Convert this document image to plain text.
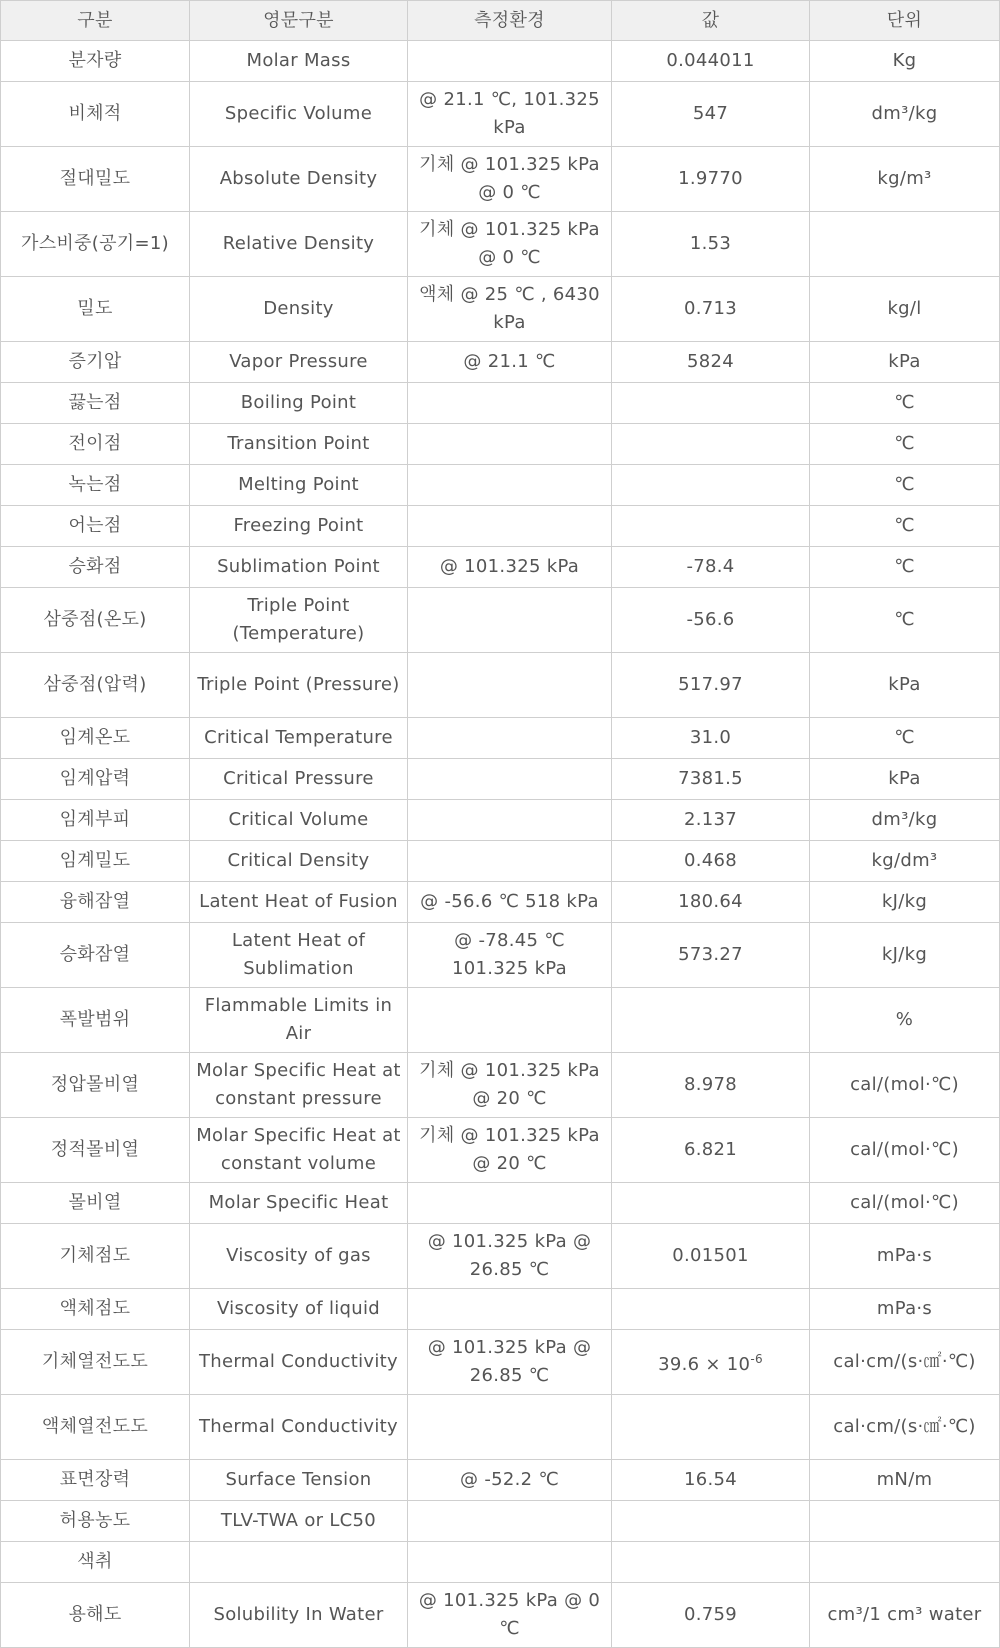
구분	영문구분	측정환경	값	단위
분자량	Molar Mass		0.044011	Kg
비체적	Specific Volume	@ 21.1 ℃, 101.325 kPa	547	dm³/kg
절대밀도	Absolute Density	기체 @ 101.325 kPa @ 0 ℃	1.9770	kg/m³
가스비중(공기=1)	Relative Density	기체 @ 101.325 kPa @ 0 ℃	1.53	
밀도	Density	액체 @ 25 ℃ , 6430 kPa	0.713	kg/l
증기압	Vapor Pressure	@ 21.1 ℃	5824	kPa
끓는점	Boiling Point			℃
전이점	Transition Point			℃
녹는점	Melting Point			℃
어는점	Freezing Point			℃
승화점	Sublimation Point	@ 101.325 kPa	-78.4	℃
삼중점(온도)	Triple Point (Temperature)		-56.6	℃
삼중점(압력)	Triple Point (Pressure)		517.97	kPa
임계온도	Critical Temperature		31.0	℃
임계압력	Critical Pressure		7381.5	kPa
임계부피	Critical Volume		2.137	dm³/kg
임계밀도	Critical Density		0.468	kg/dm³
융해잠열	Latent Heat of Fusion	@ -56.6 ℃ 518 kPa	180.64	kJ/kg
승화잠열	Latent Heat of Sublimation	@ -78.45 ℃ 101.325 kPa	573.27	kJ/kg
폭발범위	Flammable Limits in Air			%
정압몰비열	Molar Specific Heat at constant pressure	기체 @ 101.325 kPa @ 20 ℃	8.978	cal/(mol·℃)
정적몰비열	Molar Specific Heat at constant volume	기체 @ 101.325 kPa @ 20 ℃	6.821	cal/(mol·℃)
몰비열	Molar Specific Heat			cal/(mol·℃)
기체점도	Viscosity of gas	@ 101.325 kPa @ 26.85 ℃	0.01501	mPa·s
액체점도	Viscosity of liquid			mPa·s
기체열전도도	Thermal Conductivity	@ 101.325 kPa @ 26.85 ℃	$39.6 \times 10^{-6}$	cal·cm/(s·㎠·℃)
액체열전도도	Thermal Conductivity			cal·cm/(s·㎠·℃)
표면장력	Surface Tension	@ -52.2 ℃	16.54	mN/m
허용농도	TLV-TWA or LC50			
색취				
용해도	Solubility In Water	@ 101.325 kPa @ 0 ℃	0.759	cm³/1 cm³ water
